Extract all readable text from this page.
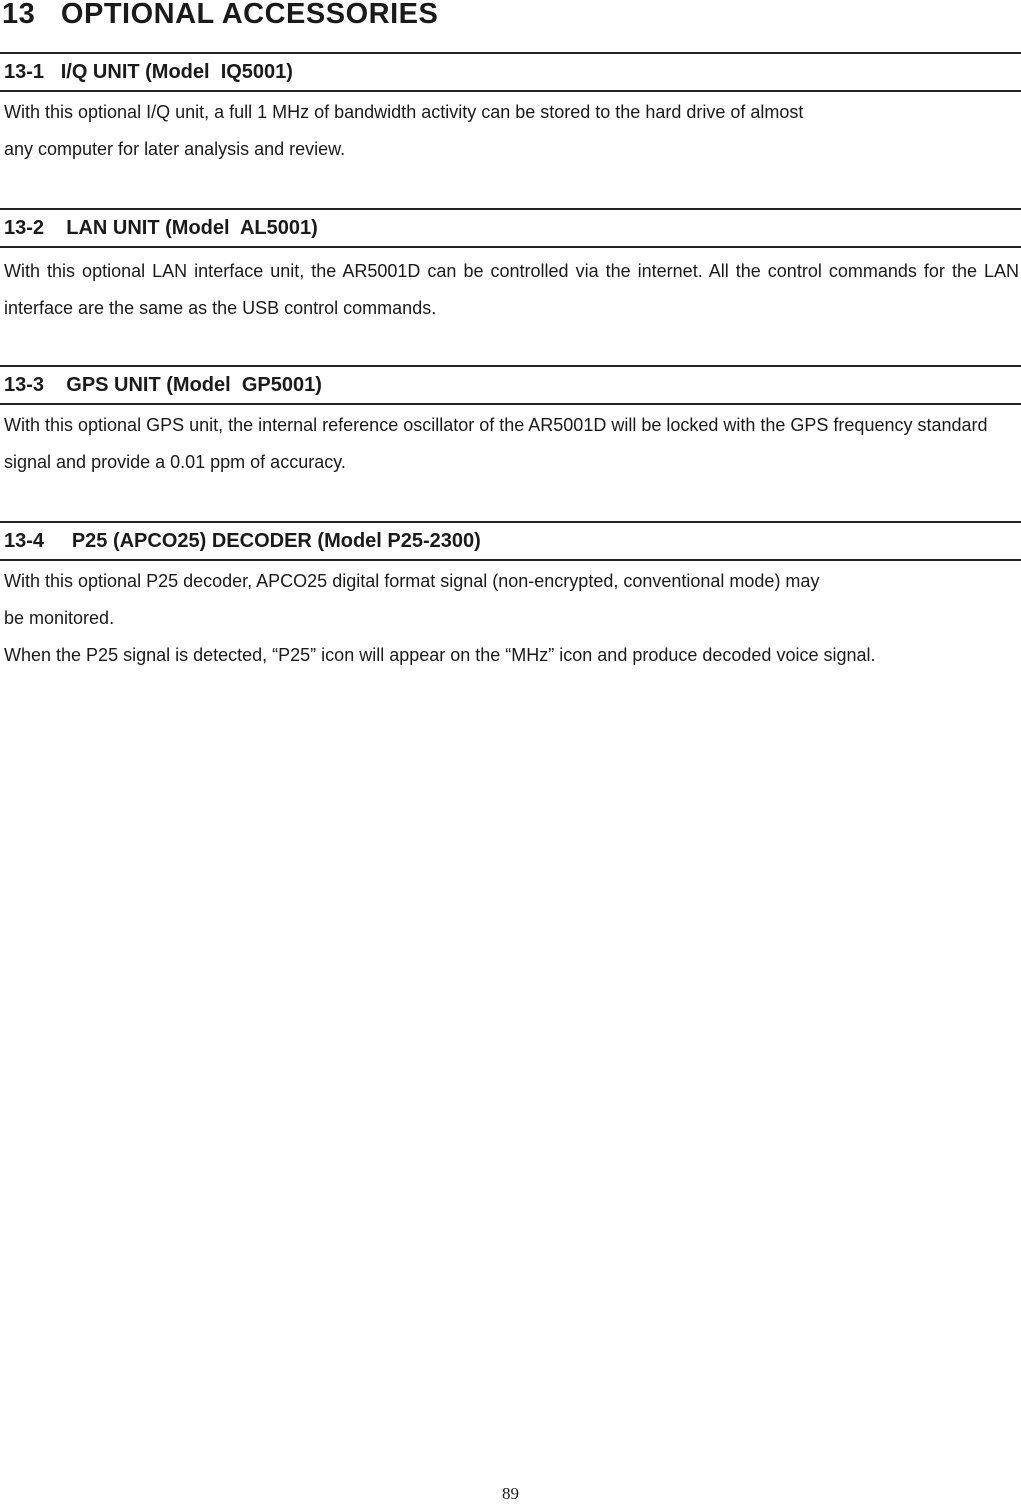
13   OPTIONAL ACCESSORIES
13-1   I/Q UNIT (Model  IQ5001)

With this optional I/Q unit, a full 1 MHz of bandwidth activity can be stored to the hard drive of almost

any computer for later analysis and review.

13-2    LAN UNIT (Model  AL5001)

With this optional LAN interface unit, the AR5001D can be controlled via the internet. All the control commands for the LAN interface are the same as the USB control commands.

13-3    GPS UNIT (Model  GP5001)

With this optional GPS unit, the internal reference oscillator of the AR5001D will be locked with the GPS frequency standard signal and provide a 0.01 ppm of accuracy.

13-4     P25 (APCO25) DECODER (Model P25-2300)

With this optional P25 decoder, APCO25 digital format signal (non-encrypted, conventional mode) may

be monitored.

When the P25 signal is detected, “P25” icon will appear on the “MHz” icon and produce decoded voice signal.

89
